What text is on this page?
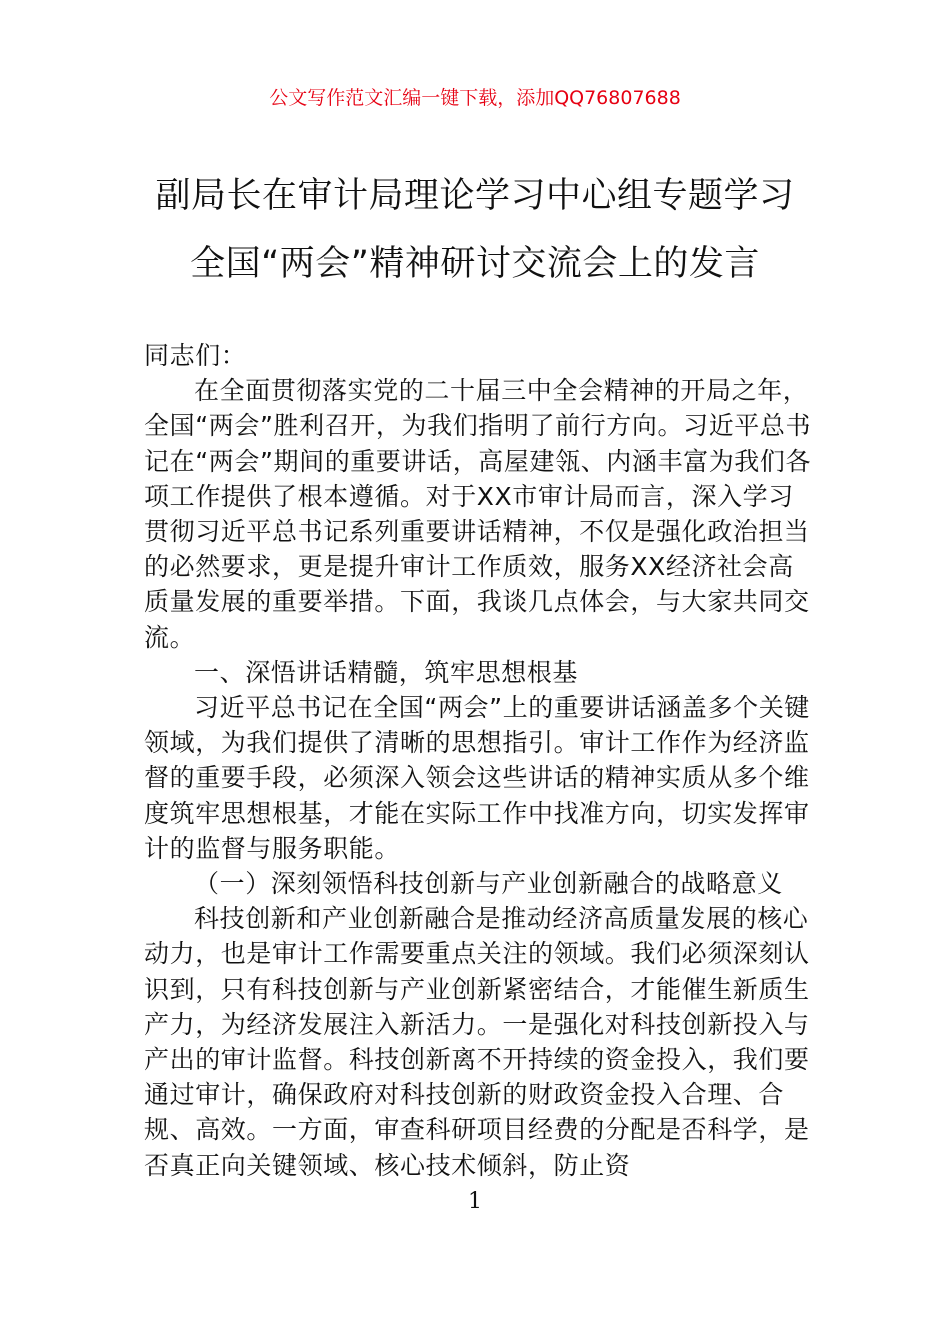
公文写作范文汇编一键下载，添加QQ76807688
副局长在审计局理论学习中心组专题学习
全国“两会”精神研讨交流会上的发言

同志们：

在全面贯彻落实党的二十届三中全会精神的开局之年，全国“两会”胜利召开，为我们指明了前行方向。习近平总书记在“两会”期间的重要讲话，高屋建瓴、内涵丰富为我们各项工作提供了根本遵循。对于XX市审计局而言，深入学习贯彻习近平总书记系列重要讲话精神，不仅是强化政治担当的必然要求，更是提升审计工作质效，服务XX经济社会高质量发展的重要举措。下面，我谈几点体会，与大家共同交流。

一、深悟讲话精髓，筑牢思想根基

习近平总书记在全国“两会”上的重要讲话涵盖多个关键领域，为我们提供了清晰的思想指引。审计工作作为经济监督的重要手段，必须深入领会这些讲话的精神实质从多个维度筑牢思想根基，才能在实际工作中找准方向，切实发挥审计的监督与服务职能。

（一）深刻领悟科技创新与产业创新融合的战略意义

科技创新和产业创新融合是推动经济高质量发展的核心动力，也是审计工作需要重点关注的领域。我们必须深刻认识到，只有科技创新与产业创新紧密结合，才能催生新质生产力，为经济发展注入新活力。一是强化对科技创新投入与产出的审计监督。科技创新离不开持续的资金投入，我们要通过审计，确保政府对科技创新的财政资金投入合理、合规、高效。一方面，审查科研项目经费的分配是否科学，是否真正向关键领域、核心技术倾斜，防止资

1
